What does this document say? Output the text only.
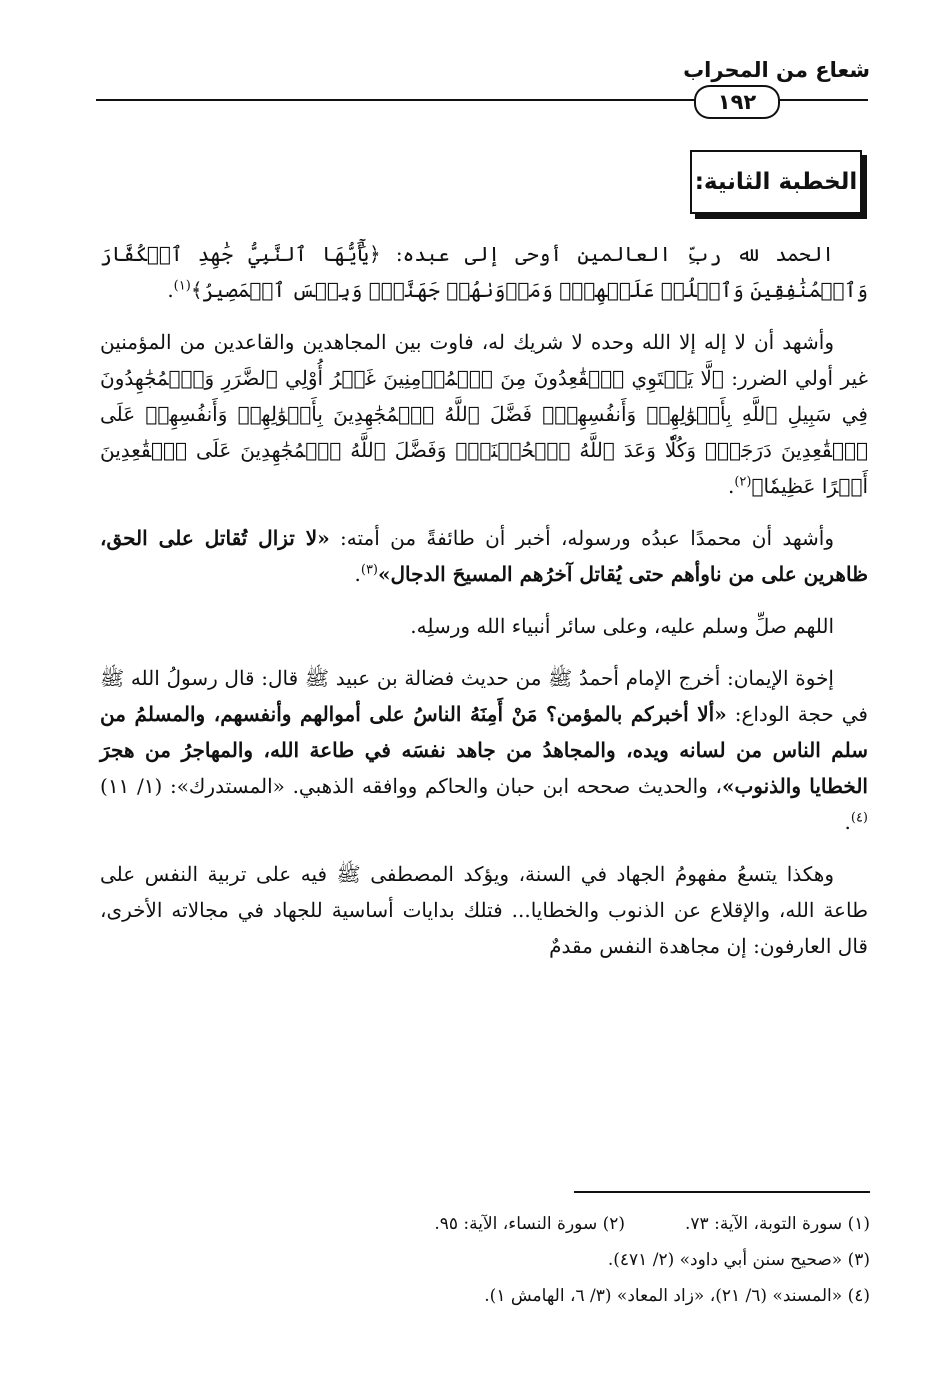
شعاع من المحراب
١٩٢
الخطبة الثانية:

الحمد لله ربِّ العالمين أوحى إلى عبده: ﴿يَٰٓأَيُّهَا ٱلنَّبِيُّ جَٰهِدِ ٱلۡكُفَّارَ وَٱلۡمُنَٰفِقِينَ وَٱغۡلُظۡ عَلَيۡهِمۡۚ وَمَأۡوَىٰهُمۡ جَهَنَّمُۖ وَبِئۡسَ ٱلۡمَصِيرُ﴾$^{(١)}$.

وأشهد أن لا إله إلا الله وحده لا شريك له، فاوت بين المجاهدين والقاعدين من المؤمنين غير أولي الضرر: ﴿لَّا يَسۡتَوِي ٱلۡقَٰعِدُونَ مِنَ ٱلۡمُؤۡمِنِينَ غَيۡرُ أُوْلِي ٱلضَّرَرِ وَٱلۡمُجَٰهِدُونَ فِي سَبِيلِ ٱللَّهِ بِأَمۡوَٰلِهِمۡ وَأَنفُسِهِمۡۚ فَضَّلَ ٱللَّهُ ٱلۡمُجَٰهِدِينَ بِأَمۡوَٰلِهِمۡ وَأَنفُسِهِمۡ عَلَى ٱلۡقَٰعِدِينَ دَرَجَةٗۚ وَكُلّٗا وَعَدَ ٱللَّهُ ٱلۡحُسۡنَىٰۚ وَفَضَّلَ ٱللَّهُ ٱلۡمُجَٰهِدِينَ عَلَى ٱلۡقَٰعِدِينَ أَجۡرًا عَظِيمٗا﴾$^{(٢)}$.

وأشهد أن محمدًا عبدُه ورسوله، أخبر أن طائفةً من أمته: «لا تزال تُقاتل على الحق، ظاهرين على من ناوأهم حتى يُقاتل آخرُهم المسيحَ الدجال»$^{(٣)}$.

اللهم صلِّ وسلم عليه، وعلى سائر أنبياء الله ورسلِه.

إخوة الإيمان: أخرج الإمام أحمدُ ﷺ من حديث فضالة بن عبيد ﷺ قال: قال رسولُ الله ﷺ في حجة الوداع: «ألا أخبركم بالمؤمن؟ مَنْ أَمِنَهُ الناسُ على أموالهم وأنفسهم، والمسلمُ من سلم الناس من لسانه ويده، والمجاهدُ من جاهد نفسَه في طاعة الله، والمهاجرُ من هجرَ الخطايا والذنوب»، والحديث صححه ابن حبان والحاكم ووافقه الذهبي. «المستدرك»: (١/ ١١)$^{(٤)}$.

وهكذا يتسعُ مفهومُ الجهاد في السنة، ويؤكد المصطفى ﷺ فيه على تربية النفس على طاعة الله، والإقلاع عن الذنوب والخطايا... فتلك بدايات أساسية للجهاد في مجالاته الأخرى، قال العارفون: إن مجاهدة النفس مقدمٌ

(١) سورة التوبة، الآية: ٧٣.
(٢) سورة النساء، الآية: ٩٥.
(٣) «صحيح سنن أبي داود» (٢/ ٤٧١).
(٤) «المسند» (٦/ ٢١)، «زاد المعاد» (٣/ ٦، الهامش ١).
